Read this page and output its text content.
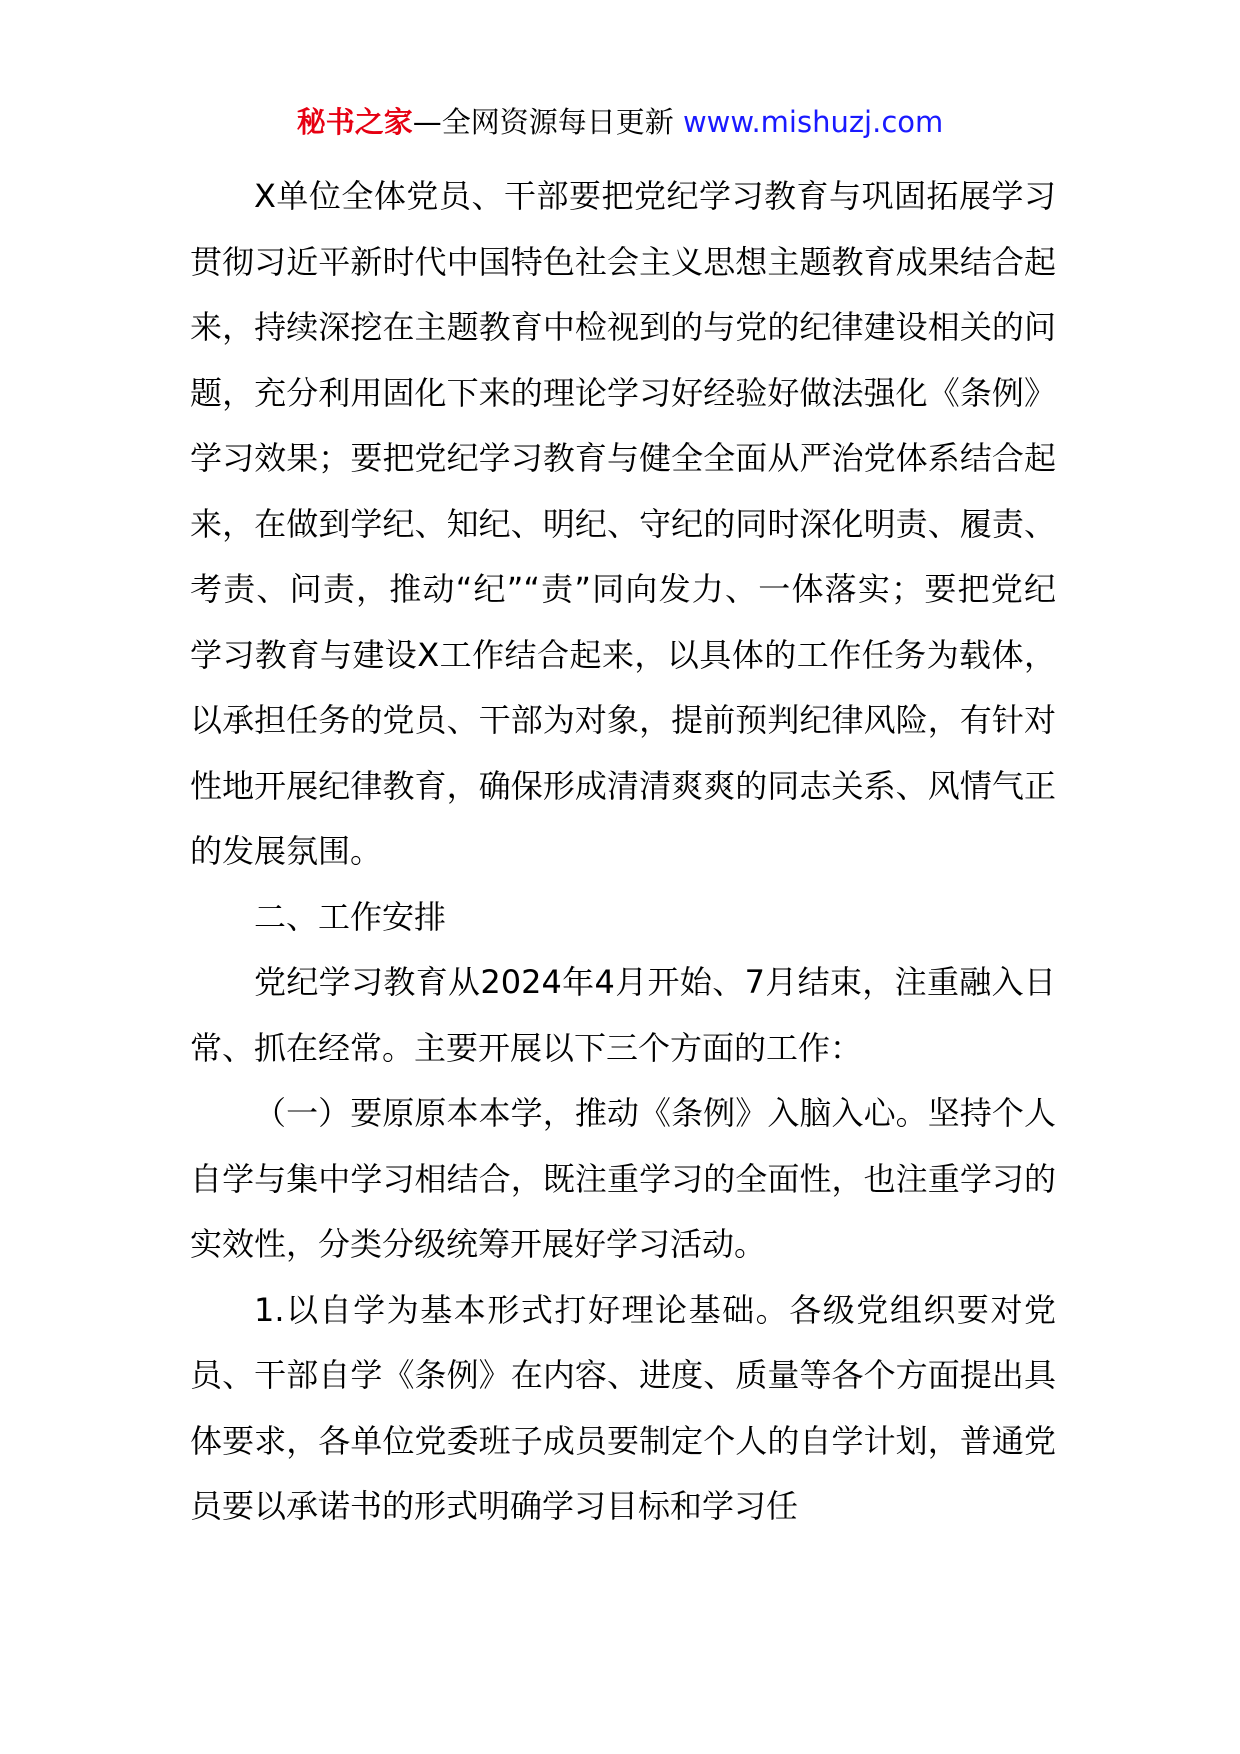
秘书之家—全网资源每日更新 www.mishuzj.com

X单位全体党员、干部要把党纪学习教育与巩固拓展学习贯彻习近平新时代中国特色社会主义思想主题教育成果结合起来，持续深挖在主题教育中检视到的与党的纪律建设相关的问题，充分利用固化下来的理论学习好经验好做法强化《条例》学习效果；要把党纪学习教育与健全全面从严治党体系结合起来，在做到学纪、知纪、明纪、守纪的同时深化明责、履责、考责、问责，推动“纪”“责”同向发力、一体落实；要把党纪学习教育与建设X工作结合起来，以具体的工作任务为载体，以承担任务的党员、干部为对象，提前预判纪律风险，有针对性地开展纪律教育，确保形成清清爽爽的同志关系、风情气正的发展氛围。

二、工作安排

党纪学习教育从2024年4月开始、7月结束，注重融入日常、抓在经常。主要开展以下三个方面的工作：

（一）要原原本本学，推动《条例》入脑入心。坚持个人自学与集中学习相结合，既注重学习的全面性，也注重学习的实效性，分类分级统筹开展好学习活动。

1.以自学为基本形式打好理论基础。各级党组织要对党员、干部自学《条例》在内容、进度、质量等各个方面提出具体要求，各单位党委班子成员要制定个人的自学计划，普通党员要以承诺书的形式明确学习目标和学习任
